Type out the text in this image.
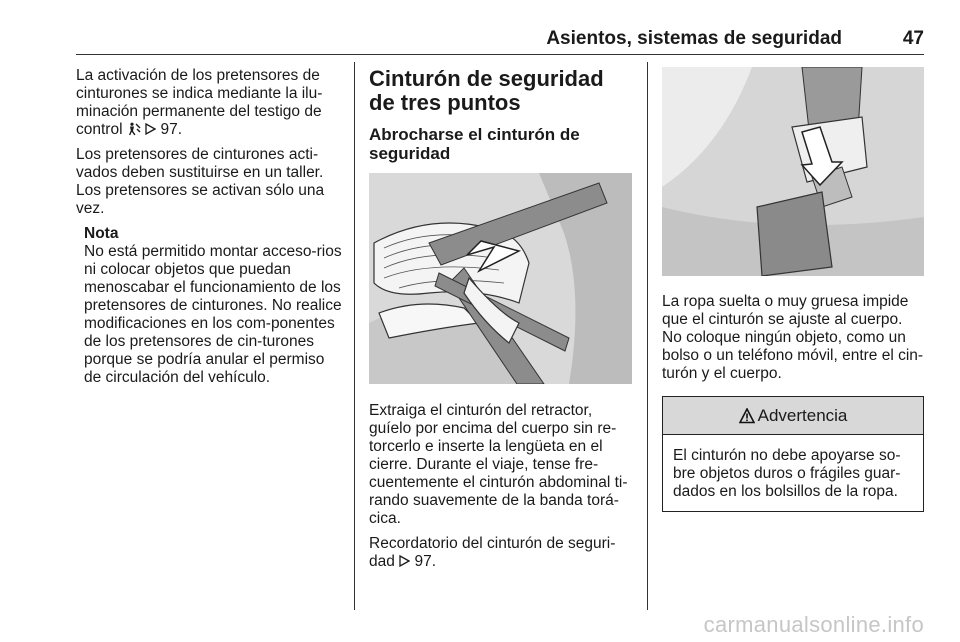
Asientos, sistemas de seguridad	47

La activación de los pretensores de cinturones se indica mediante la ilu-minación permanente del testigo de control 97.

Los pretensores de cinturones acti-vados deben sustituirse en un taller. Los pretensores se activan sólo una vez.

Nota
No está permitido montar acceso-rios ni colocar objetos que puedan menoscabar el funcionamiento de los pretensores de cinturones. No realice modificaciones en los com-ponentes de los pretensores de cin-turones porque se podría anular el permiso de circulación del vehículo.
Cinturón de seguridad de tres puntos
Abrocharse el cinturón de seguridad

Extraiga el cinturón del retractor, guíelo por encima del cuerpo sin re-torcerlo e inserte la lengüeta en el cierre. Durante el viaje, tense fre-cuentemente el cinturón abdominal ti-rando suavemente de la banda torá-cica.

Recordatorio del cinturón de seguri-dad 97.

La ropa suelta o muy gruesa impide que el cinturón se ajuste al cuerpo. No coloque ningún objeto, como un bolso o un teléfono móvil, entre el cin-turón y el cuerpo.

Advertencia
El cinturón no debe apoyarse so-bre objetos duros o frágiles guar-dados en los bolsillos de la ropa.
carmanualsonline.info
